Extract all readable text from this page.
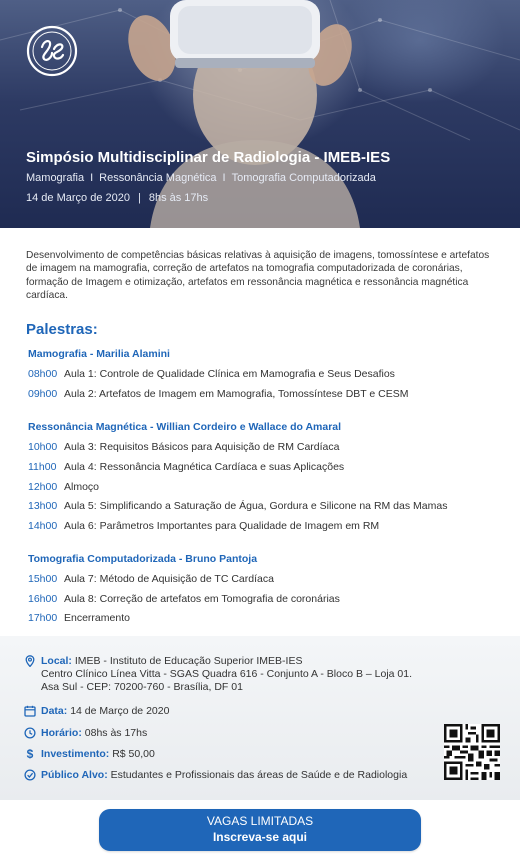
Simpósio Multidisciplinar de Radiologia - IMEB-IES
Mamografia I Ressonância Magnética I Tomografia Computadorizada
14 de Março de 2020 | 8hs às 17hs

Desenvolvimento de competências básicas relativas à aquisição de imagens, tomossíntese e artefatos de imagem na mamografia, correção de artefatos na tomografia computadorizada de coronárias, formação de Imagem e otimização, artefatos em ressonância magnética e ressonância magnética cardíaca.

Palestras:
Mamografia - Marilia Alamini
08h00 Aula 1: Controle de Qualidade Clínica em Mamografia e Seus Desafios
09h00 Aula 2: Artefatos de Imagem em Mamografia, Tomossíntese DBT e CESM
Ressonância Magnética - Willian Cordeiro e Wallace do Amaral
10h00 Aula 3: Requisitos Básicos para Aquisição de RM Cardíaca
11h00 Aula 4: Ressonância Magnética Cardíaca e suas Aplicações
12h00 Almoço
13h00 Aula 5: Simplificando a Saturação de Água, Gordura e Silicone na RM das Mamas
14h00 Aula 6: Parâmetros Importantes para Qualidade de Imagem em RM
Tomografia Computadorizada - Bruno Pantoja
15h00 Aula 7: Método de Aquisição de TC Cardíaca
16h00 Aula 8: Correção de artefatos em Tomografia de coronárias
17h00 Encerramento
Local: IMEB - Instituto de Educação Superior IMEB-IES
Centro Clínico Línea Vitta - SGAS Quadra 616 - Conjunto A - Bloco B – Loja 01.
Asa Sul - CEP: 70200-760 - Brasília, DF 01
Data: 14 de Março de 2020
Horário: 08hs às 17hs
$ Investimento: R$ 50,00
Público Alvo: Estudantes e Profissionais das áreas de Saúde e de Radiologia
VAGAS LIMITADAS
Inscreva-se aqui
